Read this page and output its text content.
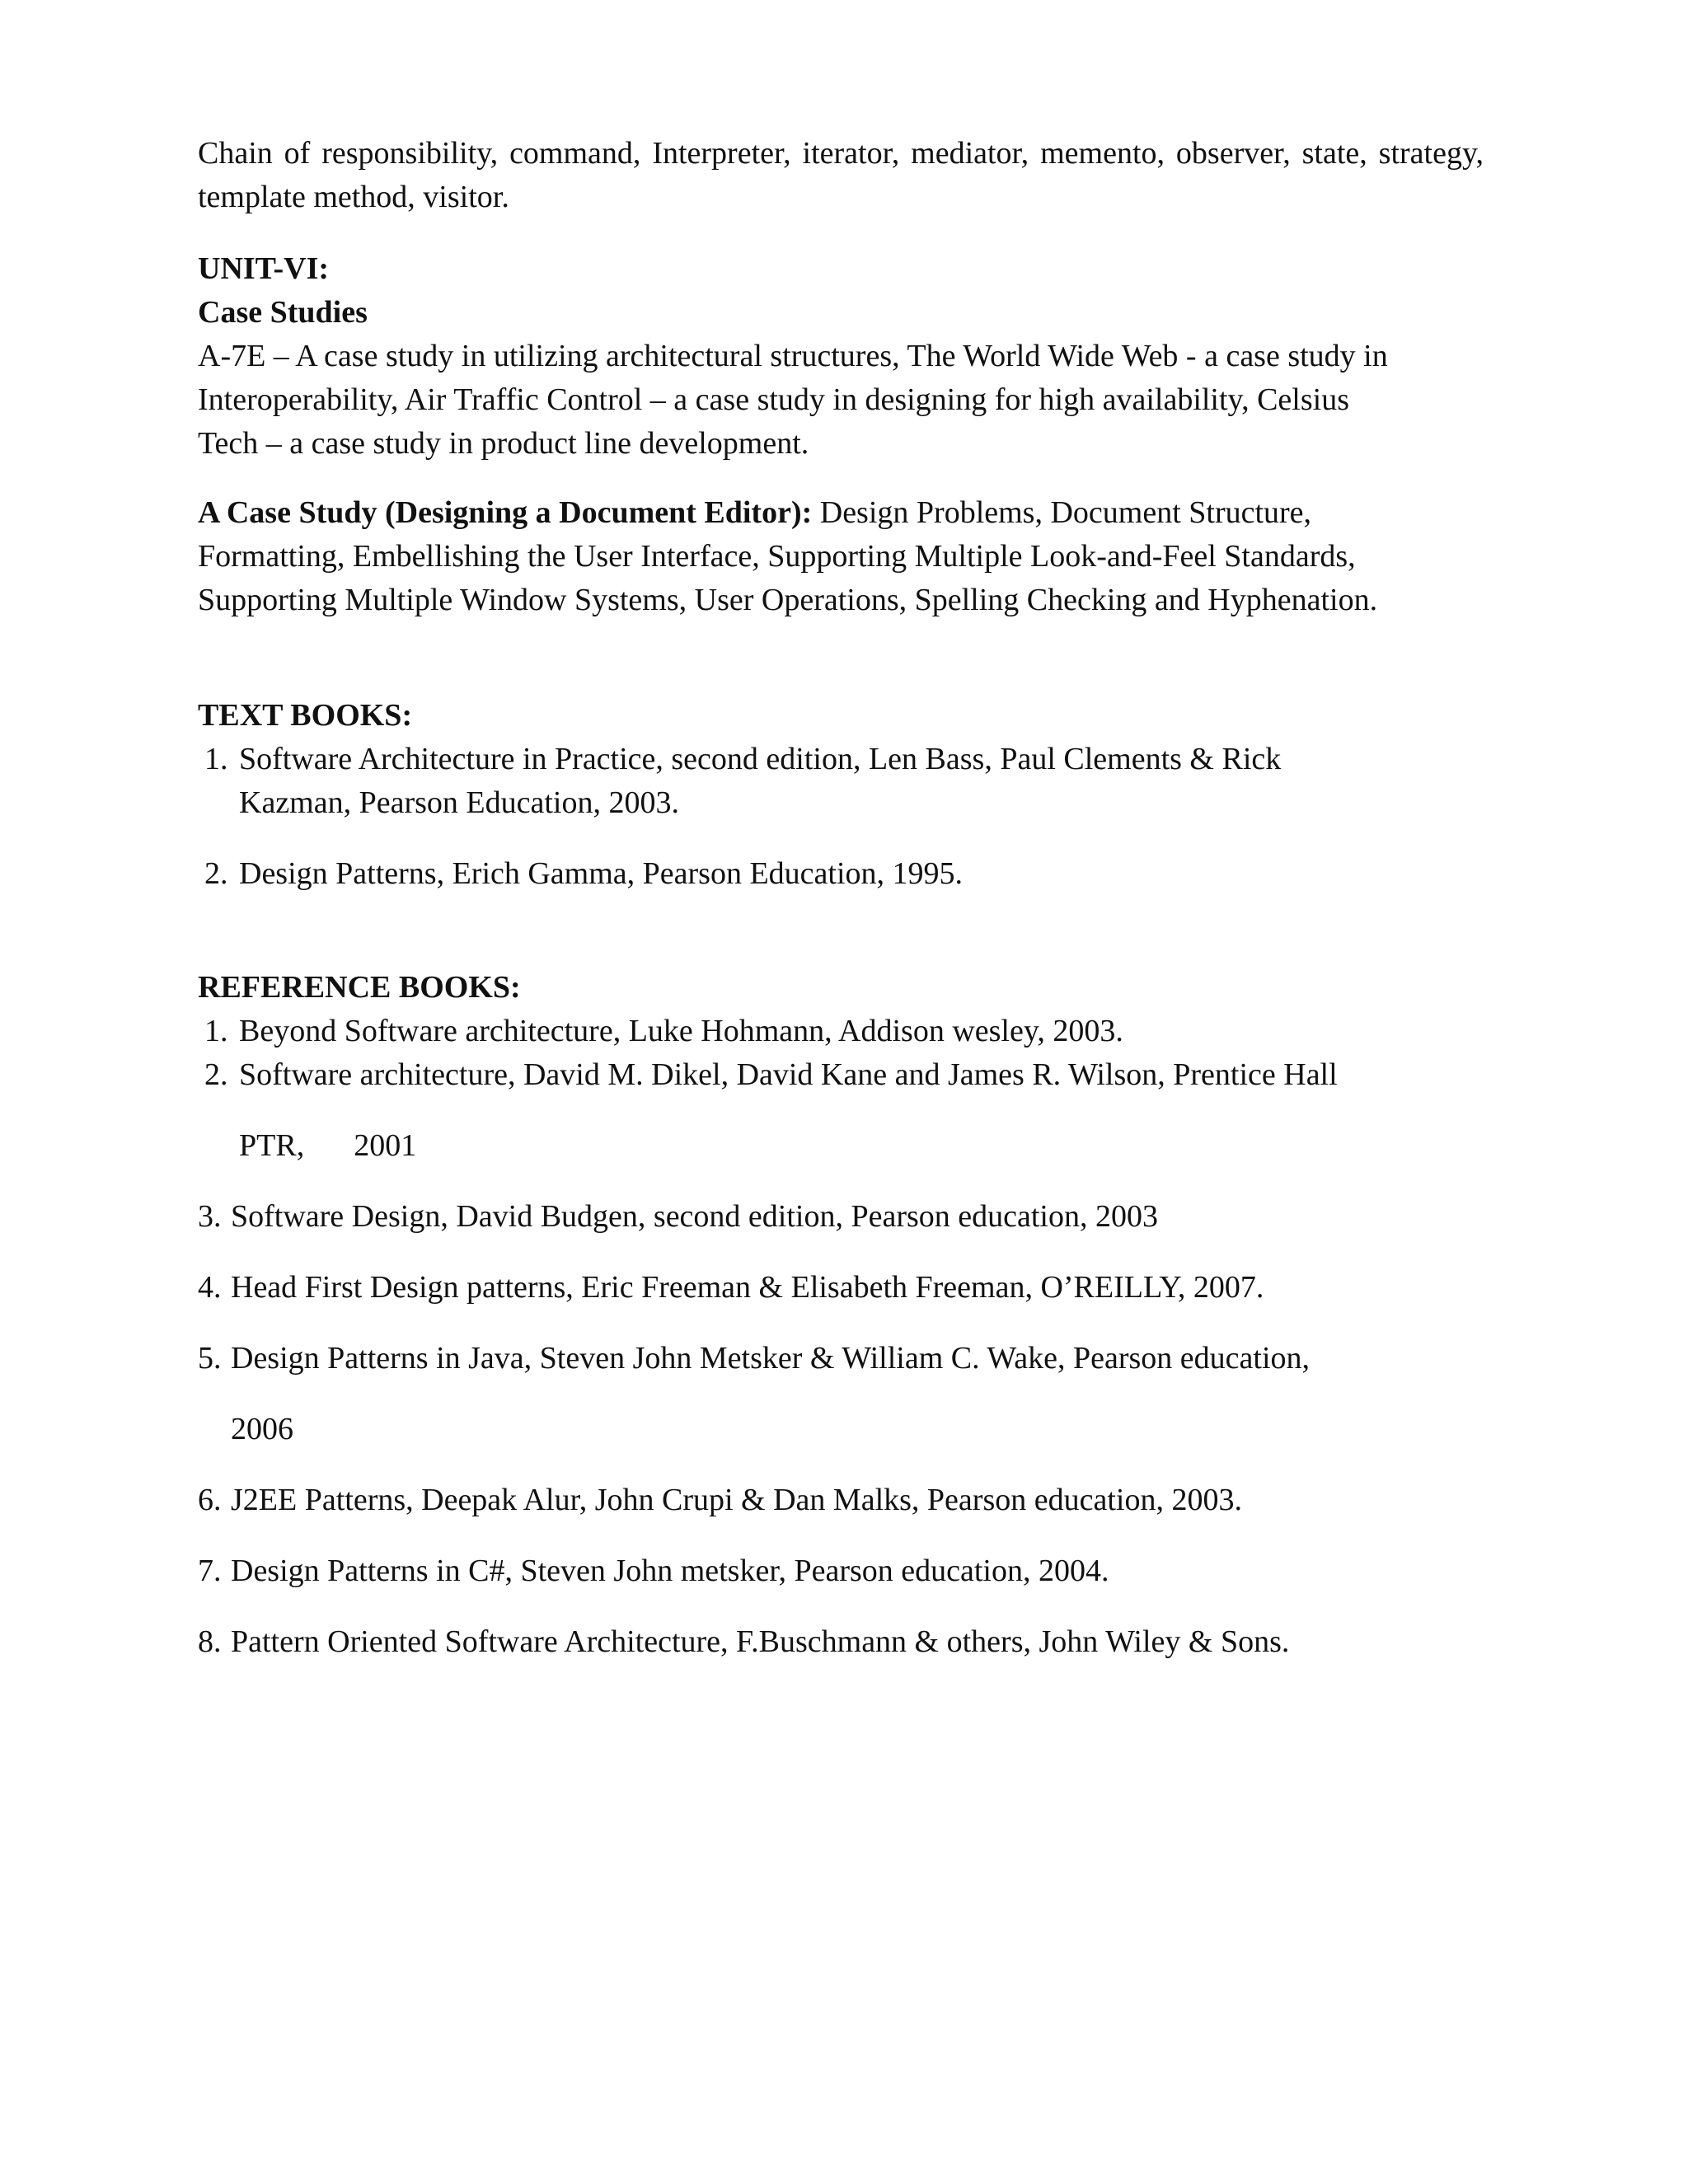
Chain of responsibility, command, Interpreter, iterator, mediator, memento, observer, state, strategy, template method, visitor.

UNIT-VI:
Case Studies
A-7E – A case study in utilizing architectural structures, The World Wide Web - a case study in
Interoperability, Air Traffic Control – a case study in designing for high availability, Celsius
Tech – a case study in product line development.
A Case Study (Designing a Document Editor): Design Problems, Document Structure,
Formatting, Embellishing the User Interface, Supporting Multiple Look-and-Feel Standards,
Supporting Multiple Window Systems, User Operations, Spelling Checking and Hyphenation.
TEXT BOOKS:
1. Software Architecture in Practice, second edition, Len Bass, Paul Clements & Rick
Kazman, Pearson Education, 2003.
2. Design Patterns, Erich Gamma, Pearson Education, 1995.
REFERENCE BOOKS:
1. Beyond Software architecture, Luke Hohmann, Addison wesley, 2003.
2. Software architecture, David M. Dikel, David Kane and James R. Wilson, Prentice Hall
PTR, 2001
3. Software Design, David Budgen, second edition, Pearson education, 2003
4. Head First Design patterns, Eric Freeman & Elisabeth Freeman, O’REILLY, 2007.
5. Design Patterns in Java, Steven John Metsker & William C. Wake, Pearson education,
2006
6. J2EE Patterns, Deepak Alur, John Crupi & Dan Malks, Pearson education, 2003.
7. Design Patterns in C#, Steven John metsker, Pearson education, 2004.
8. Pattern Oriented Software Architecture, F.Buschmann & others, John Wiley & Sons.
